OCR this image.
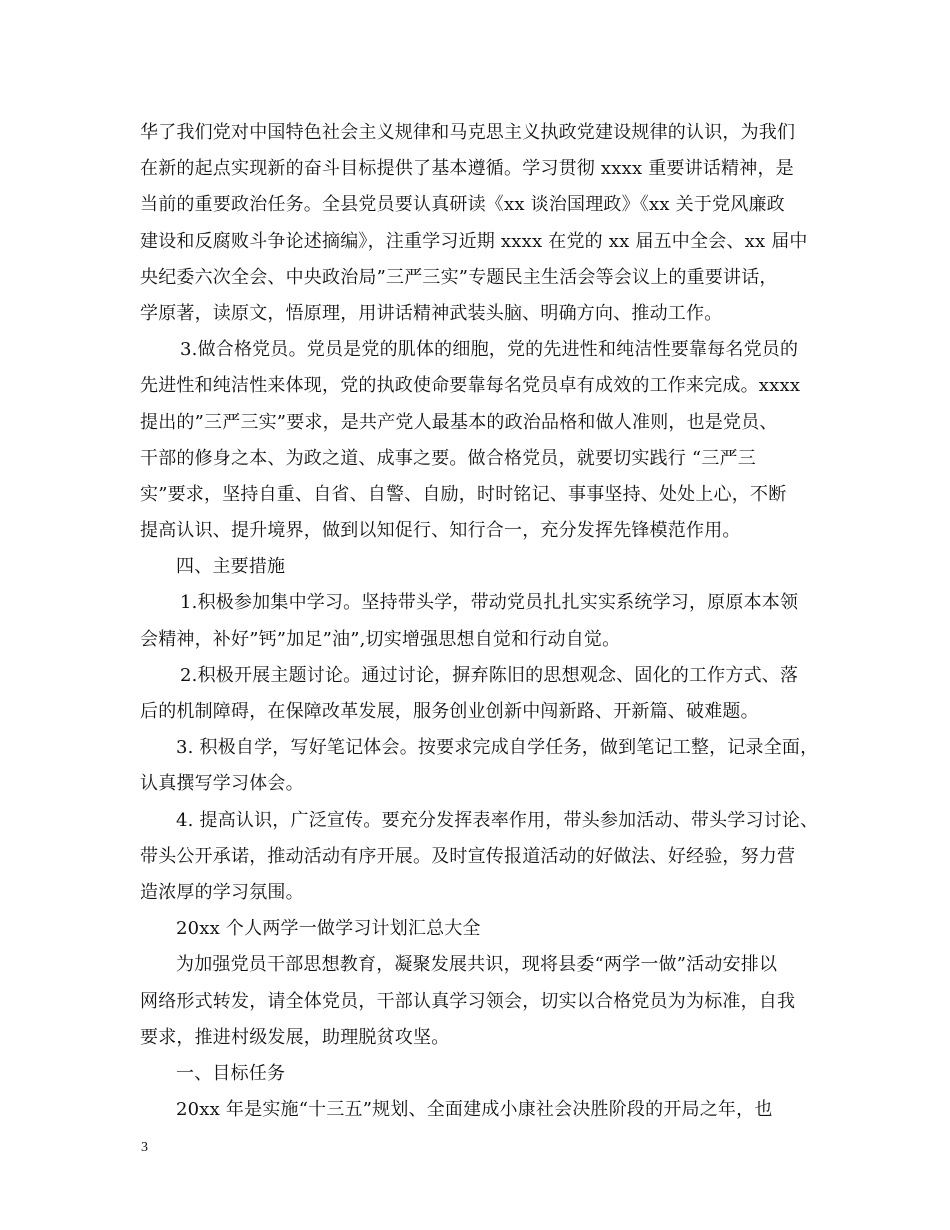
华了我们党对中国特色社会主义规律和马克思主义执政党建设规律的认识，为我们
在新的起点实现新的奋斗目标提供了基本遵循。学习贯彻 xxxx 重要讲话精神，是
当前的重要政治任务。全县党员要认真研读《xx 谈治国理政》《xx 关于党风廉政
建设和反腐败斗争论述摘编》，注重学习近期 xxxx 在党的 xx 届五中全会、xx 届中
央纪委六次全会、中央政治局”三严三实”专题民主生活会等会议上的重要讲话，
学原著，读原文，悟原理，用讲话精神武装头脑、明确方向、推动工作。
3.做合格党员。党员是党的肌体的细胞，党的先进性和纯洁性要靠每名党员的
先进性和纯洁性来体现，党的执政使命要靠每名党员卓有成效的工作来完成。xxxx
提出的”三严三实”要求，是共产党人最基本的政治品格和做人准则，也是党员、
干部的修身之本、为政之道、成事之要。做合格党员，就要切实践行 “三严三
实”要求，坚持自重、自省、自警、自励，时时铭记、事事坚持、处处上心，不断
提高认识、提升境界，做到以知促行、知行合一，充分发挥先锋模范作用。
四、主要措施
1.积极参加集中学习。坚持带头学，带动党员扎扎实实系统学习，原原本本领
会精神，补好”钙”加足”油”,切实增强思想自觉和行动自觉。
2.积极开展主题讨论。通过讨论，摒弃陈旧的思想观念、固化的工作方式、落
后的机制障碍，在保障改革发展，服务创业创新中闯新路、开新篇、破难题。
3. 积极自学，写好笔记体会。按要求完成自学任务，做到笔记工整，记录全面，
认真撰写学习体会。
4. 提高认识，广泛宣传。要充分发挥表率作用，带头参加活动、带头学习讨论、
带头公开承诺，推动活动有序开展。及时宣传报道活动的好做法、好经验，努力营
造浓厚的学习氛围。
20xx 个人两学一做学习计划汇总大全
为加强党员干部思想教育，凝聚发展共识，现将县委“两学一做”活动安排以
网络形式转发，请全体党员，干部认真学习领会，切实以合格党员为为标准，自我
要求，推进村级发展，助理脱贫攻坚。
一、目标任务
20xx 年是实施“十三五”规划、全面建成小康社会决胜阶段的开局之年，也
3
